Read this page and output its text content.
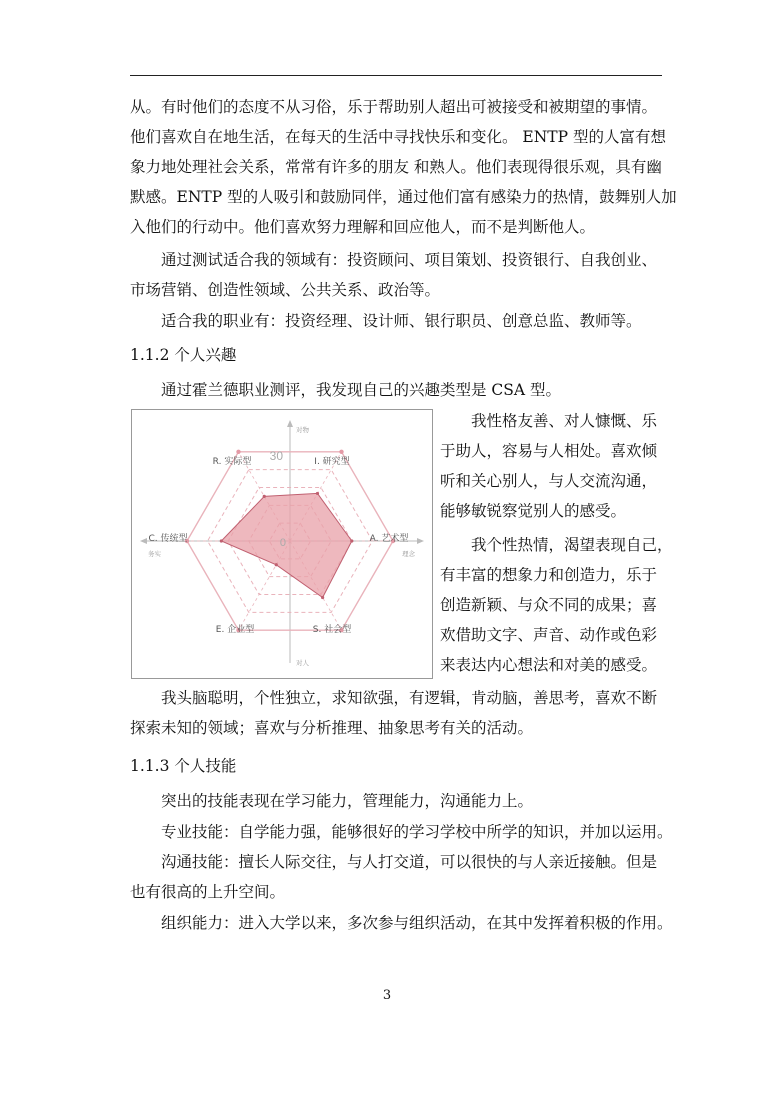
从。有时他们的态度不从习俗，乐于帮助别人超出可被接受和被期望的事情。
他们喜欢自在地生活，在每天的生活中寻找快乐和变化。 ENTP 型的人富有想
象力地处理社会关系，常常有许多的朋友 和熟人。他们表现得很乐观，具有幽
默感。ENTP 型的人吸引和鼓励同伴，通过他们富有感染力的热情，鼓舞别人加
入他们的行动中。他们喜欢努力理解和回应他人，而不是判断他人。

通过测试适合我的领域有：投资顾问、项目策划、投资银行、自我创业、
市场营销、创造性领域、公共关系、政治等。

适合我的职业有：投资经理、设计师、银行职员、创意总监、教师等。

1.1.2 个人兴趣

通过霍兰德职业测评，我发现自己的兴趣类型是 CSA 型。

30
0
R. 实际型	I. 研究型
A. 艺术型
S. 社会型
E. 企业型
C. 传统型
对物
对人
务实	理念

我性格友善、对人慷慨、乐
于助人，容易与人相处。喜欢倾
听和关心别人，与人交流沟通，
能够敏锐察觉别人的感受。

我个性热情，渴望表现自己，
有丰富的想象力和创造力，乐于
创造新颖、与众不同的成果；喜
欢借助文字、声音、动作或色彩
来表达内心想法和对美的感受。

我头脑聪明，个性独立，求知欲强，有逻辑，肯动脑，善思考，喜欢不断
探索未知的领域；喜欢与分析推理、抽象思考有关的活动。

1.1.3 个人技能

突出的技能表现在学习能力，管理能力，沟通能力上。

专业技能：自学能力强，能够很好的学习学校中所学的知识，并加以运用。

沟通技能：擅长人际交往，与人打交道，可以很快的与人亲近接触。但是
也有很高的上升空间。

组织能力：进入大学以来，多次参与组织活动，在其中发挥着积极的作用。

3
